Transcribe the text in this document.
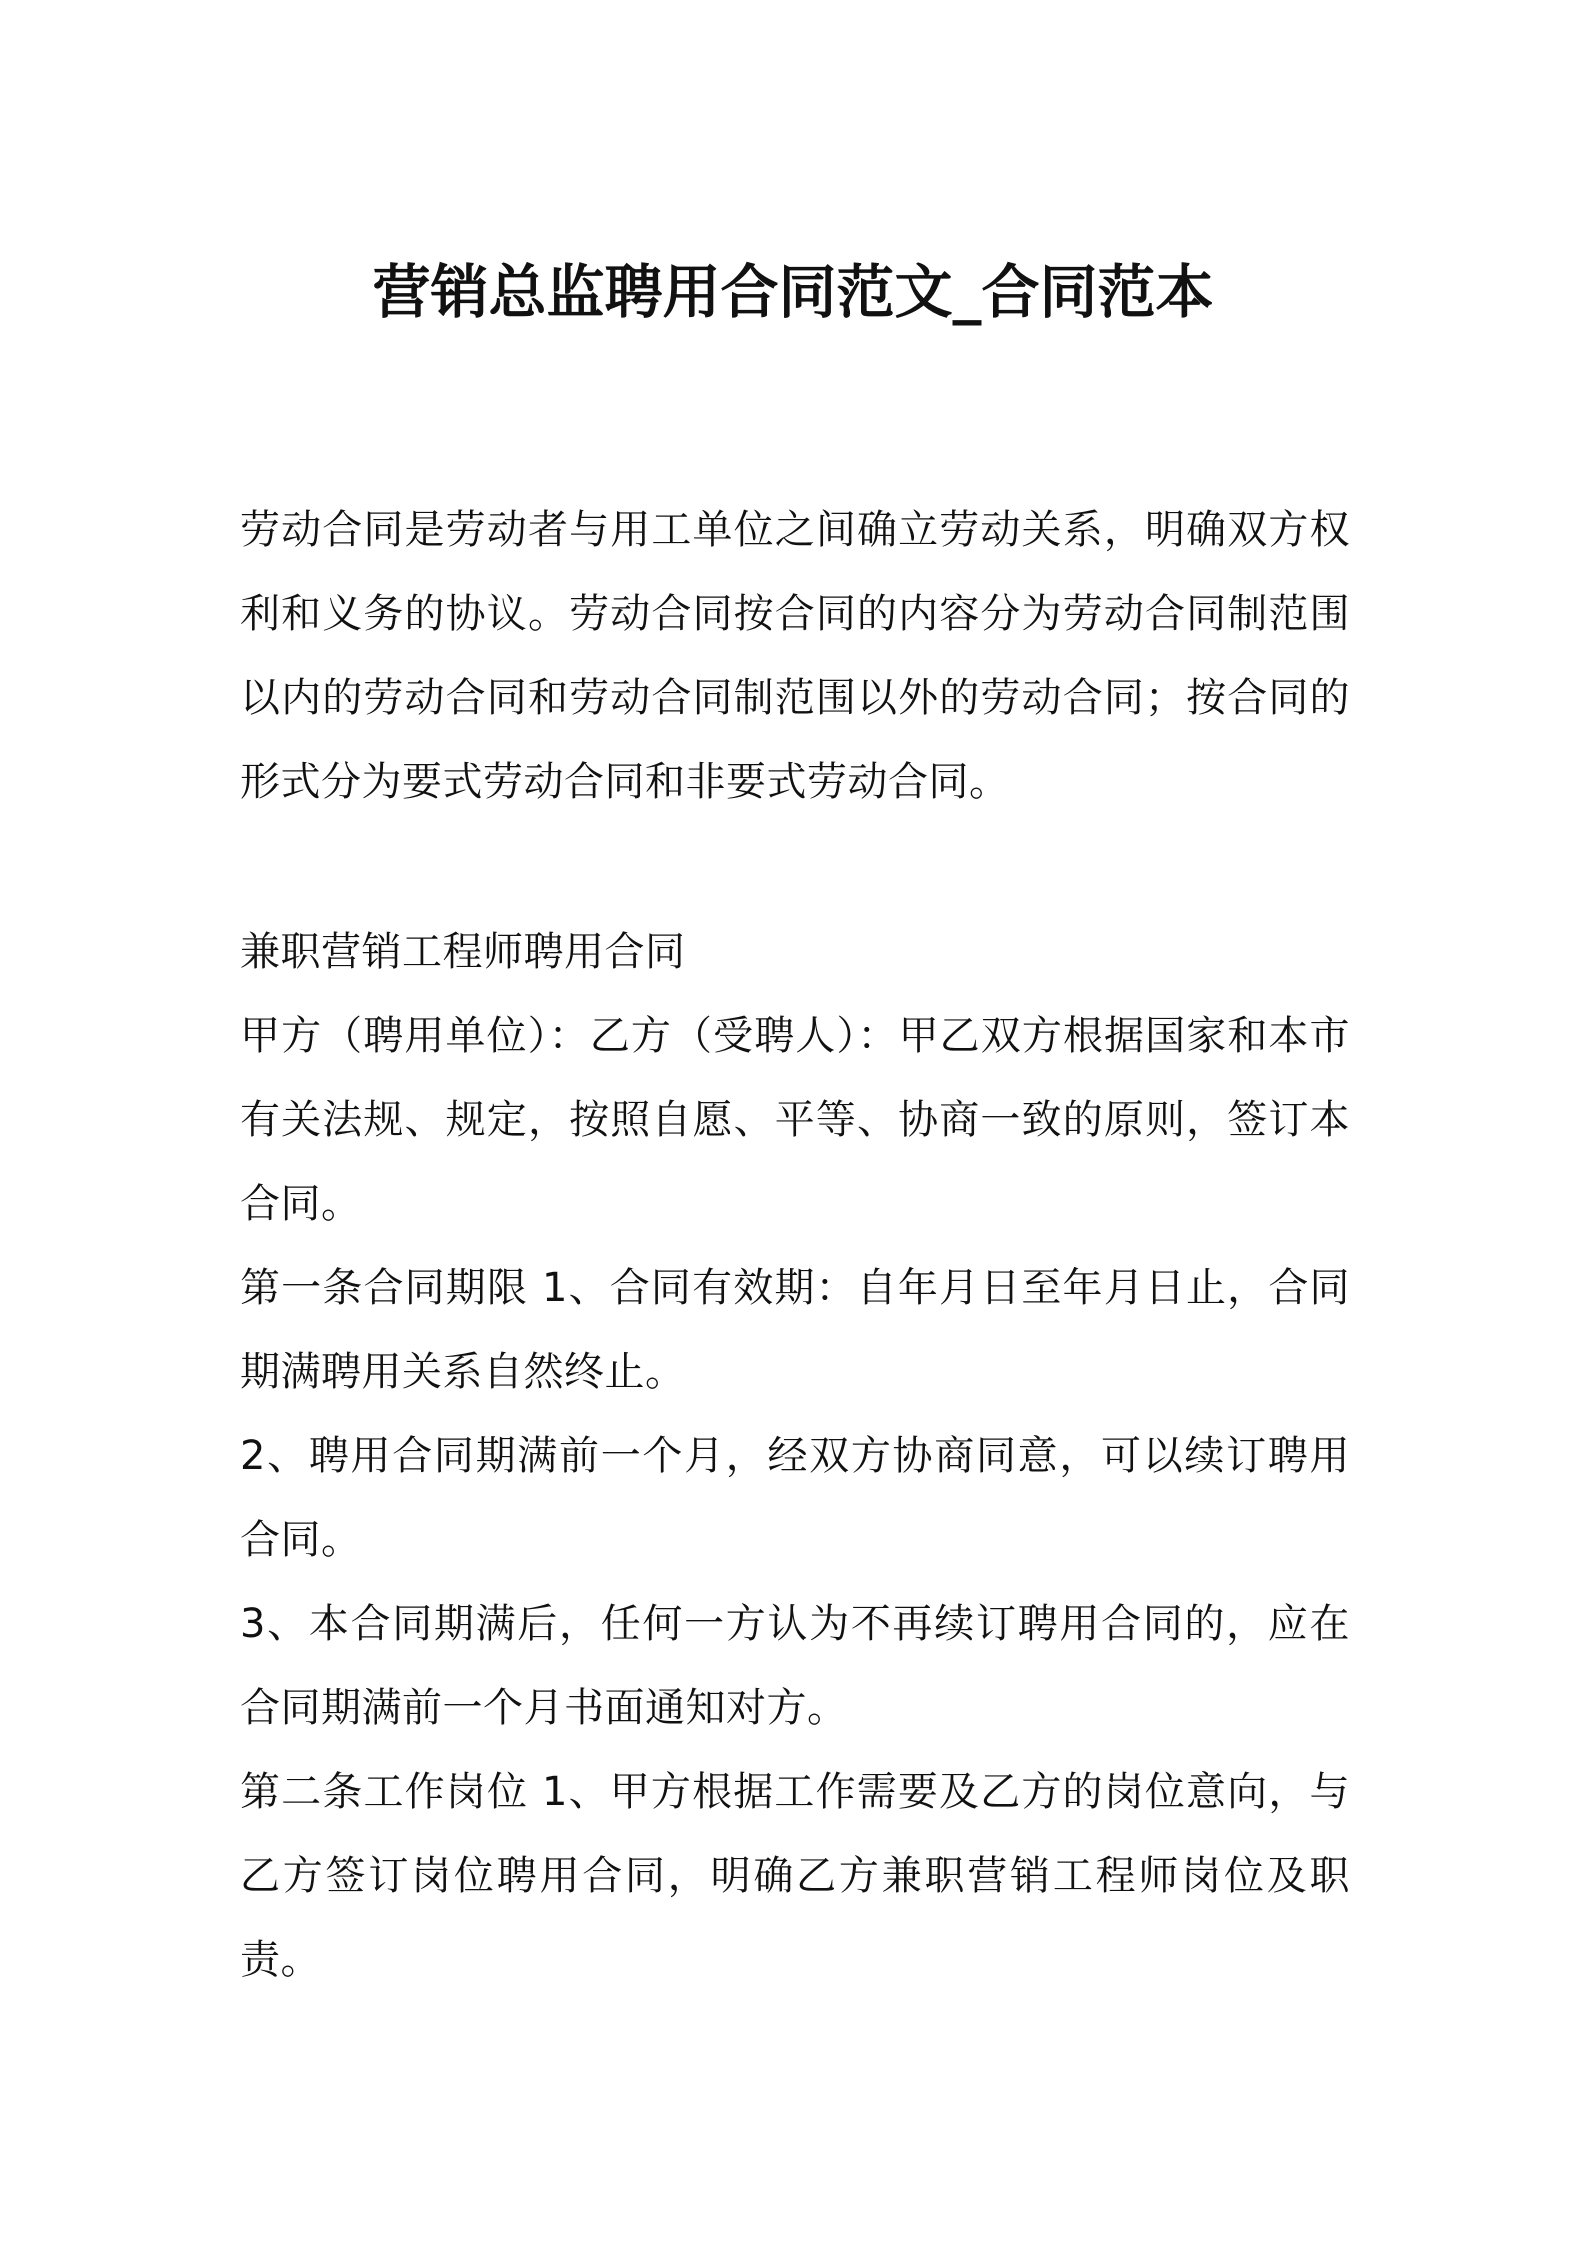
营销总监聘用合同范文_合同范本

劳动合同是劳动者与用工单位之间确立劳动关系，明确双方权利和义务的协议。劳动合同按合同的内容分为劳动合同制范围以内的劳动合同和劳动合同制范围以外的劳动合同；按合同的形式分为要式劳动合同和非要式劳动合同。

兼职营销工程师聘用合同

甲方（聘用单位）：乙方（受聘人）：甲乙双方根据国家和本市有关法规、规定，按照自愿、平等、协商一致的原则，签订本合同。

第一条合同期限 1、合同有效期：自年月日至年月日止，合同期满聘用关系自然终止。

2、聘用合同期满前一个月，经双方协商同意，可以续订聘用合同。

3、本合同期满后，任何一方认为不再续订聘用合同的，应在合同期满前一个月书面通知对方。

第二条工作岗位 1、甲方根据工作需要及乙方的岗位意向，与乙方签订岗位聘用合同，明确乙方兼职营销工程师岗位及职责。
